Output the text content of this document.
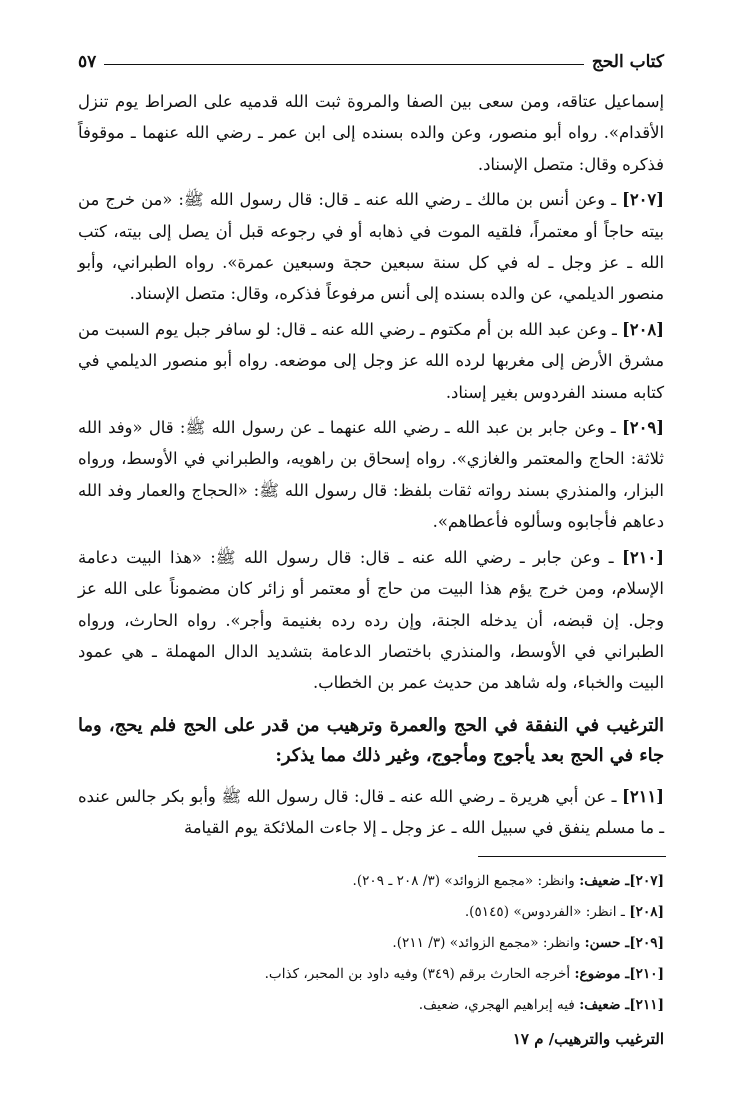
كتاب الحج
٥٧

إسماعيل عتاقه، ومن سعى بين الصفا والمروة ثبت الله قدميه على الصراط يوم تنزل الأقدام». رواه أبو منصور، وعن والده بسنده إلى ابن عمر ـ رضي الله عنهما ـ موقوفاً فذكره وقال: متصل الإسناد.

[٢٠٧] ـ وعن أنس بن مالك ـ رضي الله عنه ـ قال: قال رسول الله ﷺ: «من خرج من بيته حاجاً أو معتمراً، فلقيه الموت في ذهابه أو في رجوعه قبل أن يصل إلى بيته، كتب الله ـ عز وجل ـ له في كل سنة سبعين حجة وسبعين عمرة». رواه الطبراني، وأبو منصور الديلمي، عن والده بسنده إلى أنس مرفوعاً فذكره، وقال: متصل الإسناد.

[٢٠٨] ـ وعن عبد الله بن أم مكتوم ـ رضي الله عنه ـ قال: لو سافر جبل يوم السبت من مشرق الأرض إلى مغربها لرده الله عز وجل إلى موضعه. رواه أبو منصور الديلمي في كتابه مسند الفردوس بغير إسناد.

[٢٠٩] ـ وعن جابر بن عبد الله ـ رضي الله عنهما ـ عن رسول الله ﷺ: قال «وفد الله ثلاثة: الحاج والمعتمر والغازي». رواه إسحاق بن راهويه، والطبراني في الأوسط، ورواه البزار، والمنذري بسند رواته ثقات بلفظ: قال رسول الله ﷺ: «الحجاج والعمار وفد الله دعاهم فأجابوه وسألوه فأعطاهم».

[٢١٠] ـ وعن جابر ـ رضي الله عنه ـ قال: قال رسول الله ﷺ: «هذا البيت دعامة الإسلام، ومن خرج يؤم هذا البيت من حاج أو معتمر أو زائر كان مضموناً على الله عز وجل. إن قبضه، أن يدخله الجنة، وإن رده رده بغنيمة وأجر». رواه الحارث، ورواه الطبراني في الأوسط، والمنذري باختصار الدعامة بتشديد الدال المهملة ـ هي عمود البيت والخباء، وله شاهد من حديث عمر بن الخطاب.

الترغيب في النفقة في الحج والعمرة وترهيب من قدر على الحج فلم يحج، وما جاء في الحج بعد يأجوج ومأجوج، وغير ذلك مما يذكر:

[٢١١] ـ عن أبي هريرة ـ رضي الله عنه ـ قال: قال رسول الله ﷺ وأبو بكر جالس عنده ـ ما مسلم ينفق في سبيل الله ـ عز وجل ـ إلا جاءت الملائكة يوم القيامة

[٢٠٧]ـ ضعيف: وانظر: «مجمع الزوائد» (٣/ ٢٠٨ ـ ٢٠٩).
[٢٠٨] ـ انظر: «الفردوس» (٥١٤٥).
[٢٠٩]ـ حسن: وانظر: «مجمع الزوائد» (٣/ ٢١١).
[٢١٠]ـ موضوع: أخرجه الحارث برقم (٣٤٩) وفيه داود بن المحبر، كذاب.
[٢١١]ـ ضعيف: فيه إبراهيم الهجري، ضعيف.
الترغيب والترهيب/ م ١٧
